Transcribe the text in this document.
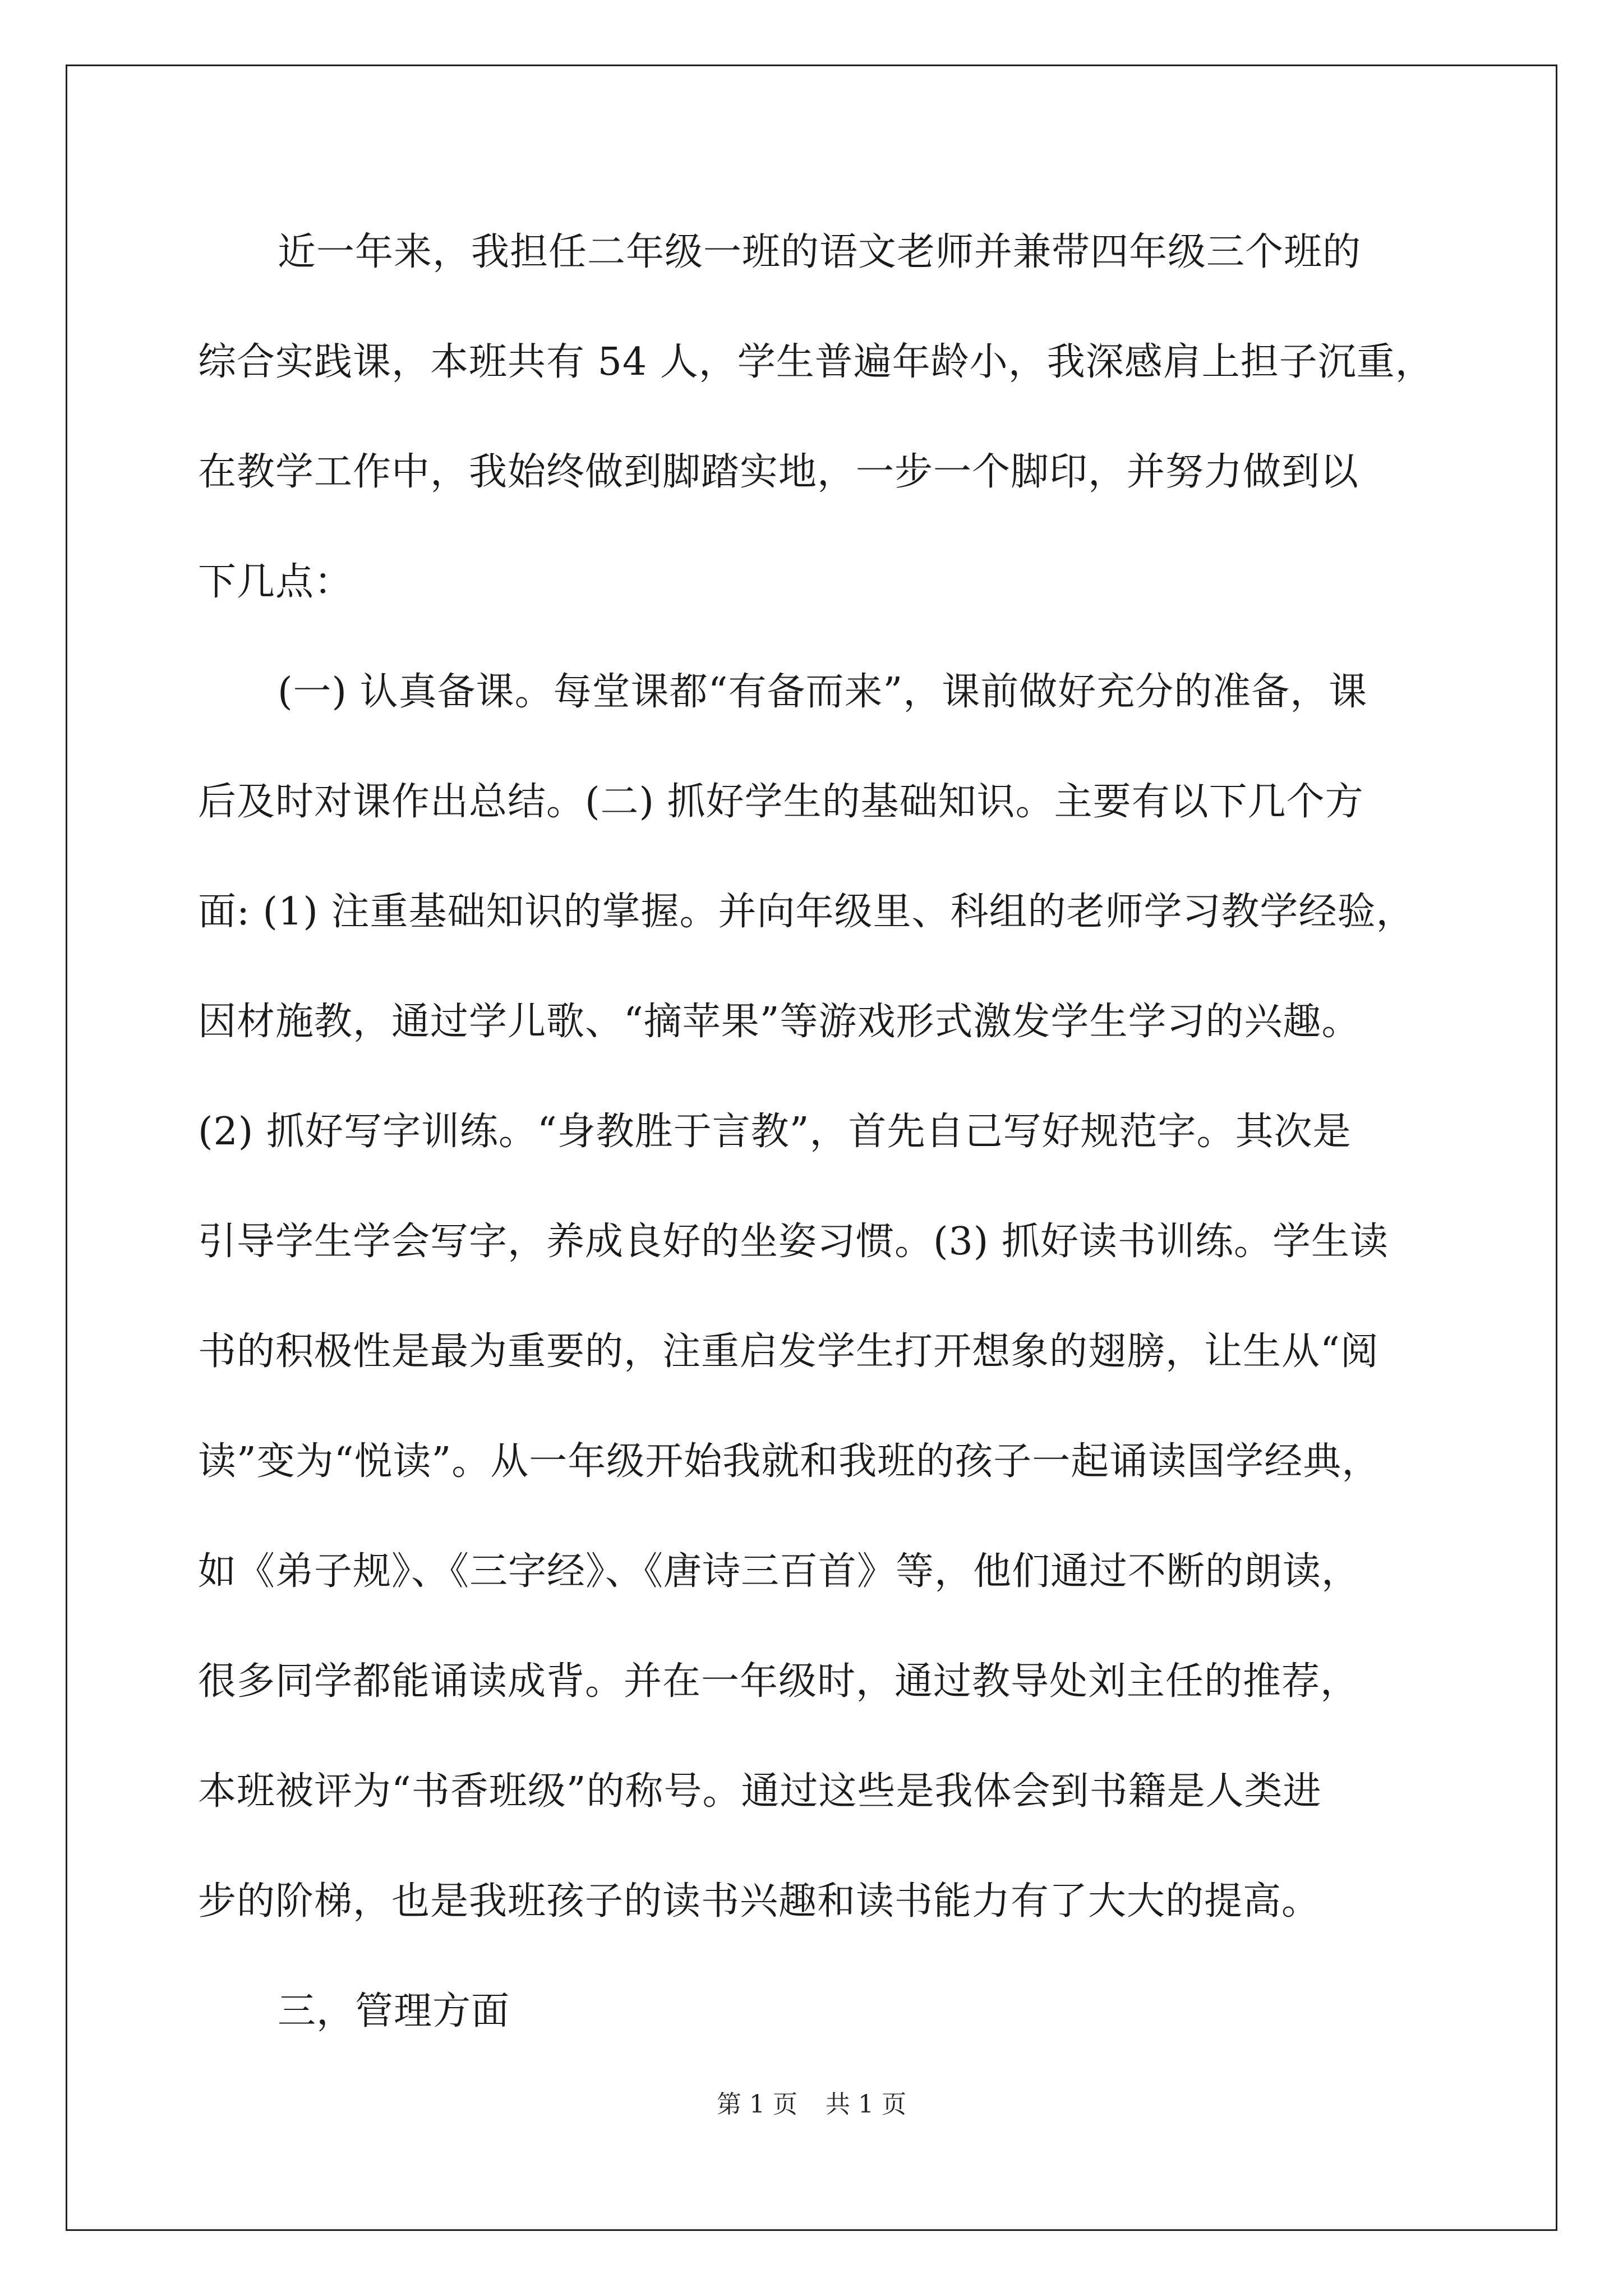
近一年来，我担任二年级一班的语文老师并兼带四年级三个班的
综合实践课，本班共有 54 人，学生普遍年龄小，我深感肩上担子沉重，
在教学工作中，我始终做到脚踏实地，一步一个脚印，并努力做到以
下几点：
(一) 认真备课。每堂课都“有备而来”，课前做好充分的准备，课
后及时对课作出总结。(二) 抓好学生的基础知识。主要有以下几个方
面: (1) 注重基础知识的掌握。并向年级里、科组的老师学习教学经验，
因材施教，通过学儿歌、“摘苹果”等游戏形式激发学生学习的兴趣。
(2) 抓好写字训练。“身教胜于言教”，首先自己写好规范字。其次是
引导学生学会写字，养成良好的坐姿习惯。(3) 抓好读书训练。学生读
书的积极性是最为重要的，注重启发学生打开想象的翅膀，让生从“阅
读”变为“悦读”。从一年级开始我就和我班的孩子一起诵读国学经典，
如《弟子规》、《三字经》、《唐诗三百首》等，他们通过不断的朗读，
很多同学都能诵读成背。并在一年级时，通过教导处刘主任的推荐，
本班被评为“书香班级”的称号。通过这些是我体会到书籍是人类进
步的阶梯，也是我班孩子的读书兴趣和读书能力有了大大的提高。
三，管理方面
第 1 页 共 1 页
